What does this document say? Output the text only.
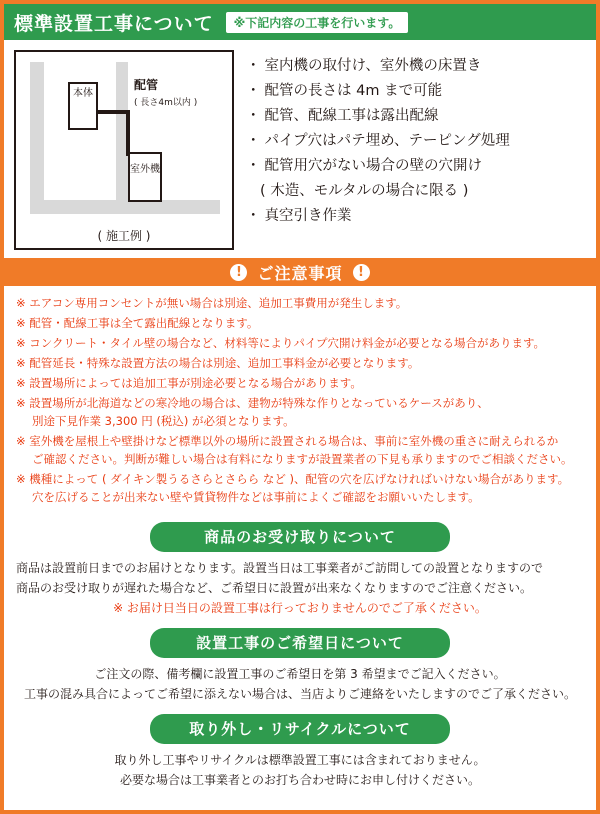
標準設置工事について	※下記内容の工事を行います。
本体
室外機
配管
( 長さ4m以内 )
( 施工例 )
・ 室内機の取付け、室外機の床置き
・ 配管の長さは 4m まで可能
・ 配管、配線工事は露出配線
・ パイプ穴はパテ埋め、テーピング処理
・ 配管用穴がない場合の壁の穴開け
( 木造、モルタルの場合に限る )
・ 真空引き作業
! ご注意事項	!
※ エアコン専用コンセントが無い場合は別途、追加工事費用が発生します。
※ 配管・配線工事は全て露出配線となります。
※ コンクリート・タイル壁の場合など、材料等によりパイプ穴開け料金が必要となる場合があります。
※ 配管延長・特殊な設置方法の場合は別途、追加工事料金が必要となります。
※ 設置場所によっては追加工事が別途必要となる場合があります。
※ 設置場所が北海道などの寒冷地の場合は、建物が特殊な作りとなっているケースがあり、
別途下見作業 3,300 円 (税込) が必須となります。
※ 室外機を屋根上や壁掛けなど標準以外の場所に設置される場合は、事前に室外機の重さに耐えられるか
ご確認ください。判断が難しい場合は有料になりますが設置業者の下見も承りますのでご相談ください。
※ 機種によって ( ダイキン製うるさらとさらら など )、配管の穴を広げなければいけない場合があります。
穴を広げることが出来ない壁や賃貸物件などは事前によくご確認をお願いいたします。
商品のお受け取りについて
商品は設置前日までのお届けとなります。設置当日は工事業者がご訪問しての設置となりますので
商品のお受け取りが遅れた場合など、ご希望日に設置が出来なくなりますのでご注意ください。
※ お届け日当日の設置工事は行っておりませんのでご了承ください。
設置工事のご希望日について
ご注文の際、備考欄に設置工事のご希望日を第 3 希望までご記入ください。
工事の混み具合によってご希望に添えない場合は、当店よりご連絡をいたしますのでご了承ください。
取り外し・リサイクルについて
取り外し工事やリサイクルは標準設置工事には含まれておりません。
必要な場合は工事業者とのお打ち合わせ時にお申し付けください。
